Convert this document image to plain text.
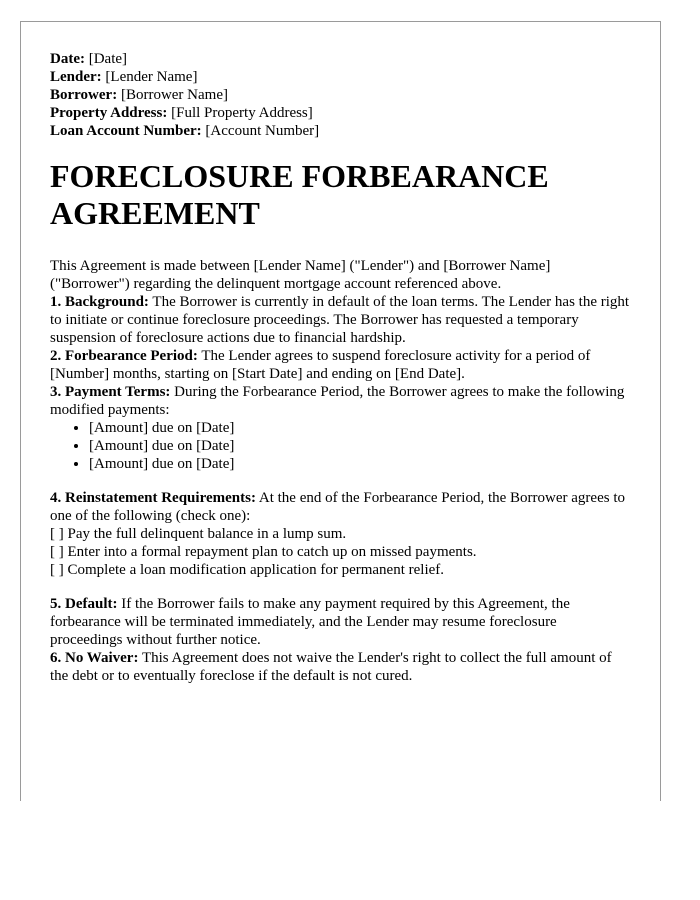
Date: [Date]

Lender: [Lender Name]

Borrower: [Borrower Name]

Property Address: [Full Property Address]

Loan Account Number: [Account Number]

FORECLOSURE FORBEARANCE AGREEMENT

This Agreement is made between [Lender Name] ("Lender") and [Borrower Name] ("Borrower") regarding the delinquent mortgage account referenced above.

1. Background: The Borrower is currently in default of the loan terms. The Lender has the right to initiate or continue foreclosure proceedings. The Borrower has requested a temporary suspension of foreclosure actions due to financial hardship.

2. Forbearance Period: The Lender agrees to suspend foreclosure activity for a period of [Number] months, starting on [Start Date] and ending on [End Date].

3. Payment Terms: During the Forbearance Period, the Borrower agrees to make the following modified payments:

• [Amount] due on [Date]
• [Amount] due on [Date]
• [Amount] due on [Date]

4. Reinstatement Requirements: At the end of the Forbearance Period, the Borrower agrees to one of the following (check one):

[ ] Pay the full delinquent balance in a lump sum.

[ ] Enter into a formal repayment plan to catch up on missed payments.

[ ] Complete a loan modification application for permanent relief.

5. Default: If the Borrower fails to make any payment required by this Agreement, the forbearance will be terminated immediately, and the Lender may resume foreclosure proceedings without further notice.

6. No Waiver: This Agreement does not waive the Lender's right to collect the full amount of the debt or to eventually foreclose if the default is not cured.
